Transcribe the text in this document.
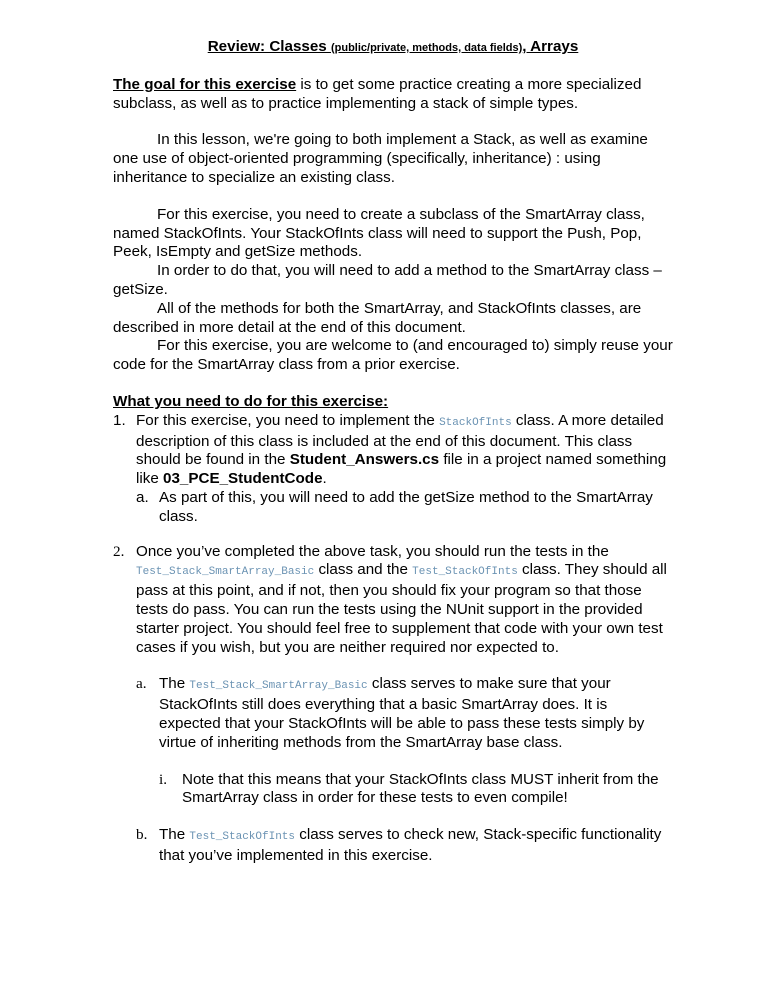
Review: Classes (public/private, methods, data fields), Arrays

The goal for this exercise is to get some practice creating a more specialized subclass, as well as to practice implementing a stack of simple types.

In this lesson, we're going to both implement a Stack, as well as examine one use of object-oriented programming (specifically, inheritance) : using inheritance to specialize an existing class.

For this exercise, you need to create a subclass of the SmartArray class, named StackOfInts. Your StackOfInts class will need to support the Push, Pop, Peek, IsEmpty and getSize methods.

In order to do that, you will need to add a method to the SmartArray class – getSize.

All of the methods for both the SmartArray, and StackOfInts classes, are described in more detail at the end of this document.

For this exercise, you are welcome to (and encouraged to) simply reuse your code for the SmartArray class from a prior exercise.

What you need to do for this exercise:

1. For this exercise, you need to implement the StackOfInts class. A more detailed description of this class is included at the end of this document. This class should be found in the Student_Answers.cs file in a project named something like 03_PCE_StudentCode.

a. As part of this, you will need to add the getSize method to the SmartArray class.

2. Once you’ve completed the above task, you should run the tests in the Test_Stack_SmartArray_Basic class and the Test_StackOfInts class. They should all pass at this point, and if not, then you should fix your program so that those tests do pass. You can run the tests using the NUnit support in the provided starter project. You should feel free to supplement that code with your own test cases if you wish, but you are neither required nor expected to.

a. The Test_Stack_SmartArray_Basic class serves to make sure that your StackOfInts still does everything that a basic SmartArray does. It is expected that your StackOfInts will be able to pass these tests simply by virtue of inheriting methods from the SmartArray base class.

i. Note that this means that your StackOfInts class MUST inherit from the SmartArray class in order for these tests to even compile!

b. The Test_StackOfInts class serves to check new, Stack-specific functionality that you’ve implemented in this exercise.
